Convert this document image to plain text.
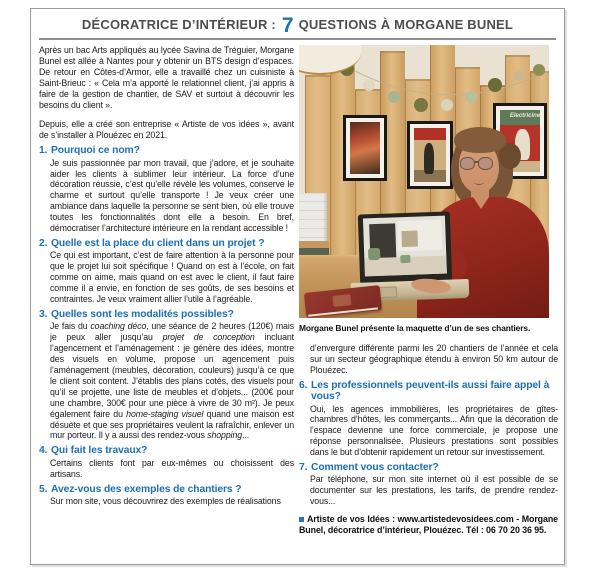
DÉCORATRICE D’INTÉRIEUR : 7 QUESTIONS À MORGANE BUNEL

Après un bac Arts appliqués au lycée Savina de Tréguier, Morgane Bunel est allée à Nantes pour y obtenir un BTS design d’espaces. De retour en Côtes-d’Armor, elle a travaillé chez un cuisiniste à Saint-Brieuc : « Cela m’a apporté le relationnel client, j’ai appris à faire de la gestion de chantier, de SAV et surtout à découvrir les besoins du client ».

Depuis, elle a créé son entreprise « Artiste de vos idées », avant de s’installer à Plouézec en 2021.

1. Pourquoi ce nom?
Je suis passionnée par mon travail, que j’adore, et je souhaite aider les clients à sublimer leur intérieur. La force d’une décoration réussie, c’est qu’elle révèle les volumes, conserve le charme et surtout qu’elle transporte ! Je veux créer une ambiance dans laquelle la personne se sent bien, où elle trouve toutes les fonctionnalités dont elle a besoin. En bref, démocratiser l’architecture intérieure en la rendant accessible !
2. Quelle est la place du client dans un projet ?
Ce qui est important, c’est de faire attention à la personne pour que le projet lui soit spécifique ! Quand on est à l’école, on fait comme on aime, mais quand on est avec le client, il faut faire comme il a envie, en fonction de ses goûts, de ses besoins et contraintes. Je veux vraiment allier l’utile à l’agréable.
3. Quelles sont les modalités possibles?
Je fais du coaching déco, une séance de 2 heures (120€) mais je peux aller jusqu’au projet de conception incluant l’agencement et l’aménagement : je génère des idées, montre des visuels en volume, propose un agencement puis l’aménagement (meubles, décoration, couleurs) jusqu’à ce que le client soit content. J’établis des plans cotés, des visuels pour qu’il se projette, une liste de meubles et d’objets... (200€ pour une chambre, 300€ pour une pièce à vivre de 30 m²). Je peux également faire du home-staging visuel quand une maison est désuète et que ses propriétaires veulent la rafraîchir, enlever un mur porteur. Il y a aussi des rendez-vous shopping...
4. Qui fait les travaux?
Certains clients font par eux-mêmes ou choisissent des artisans.
5. Avez-vous des exemples de chantiers ?
Sur mon site, vous découvrirez des exemples de réalisations
Electricine
Morgane Bunel présente la maquette d’un de ses chantiers.

d’envergure différente parmi les 20 chantiers de l’année et cela sur un secteur géographique étendu à environ 50 km autour de Plouézec.

6. Les professionnels peuvent-ils aussi faire appel à vous?
Oui, les agences immobilières, les propriétaires de gîtes-chambres d’hôtes, les commerçants... Afin que la décoration de l’espace devienne une force commerciale, je propose une réponse personnalisée. Plusieurs prestations sont possibles dans le but d’obtenir rapidement un retour sur investissement.
7. Comment vous contacter?
Par téléphone, sur mon site internet où il est possible de se documenter sur les prestations, les tarifs, de prendre rendez-vous...
Artiste de vos Idées : www.artistedevosidees.com - Morgane Bunel, décoratrice d’intérieur, Plouézec. Tél : 06 70 20 36 95.
